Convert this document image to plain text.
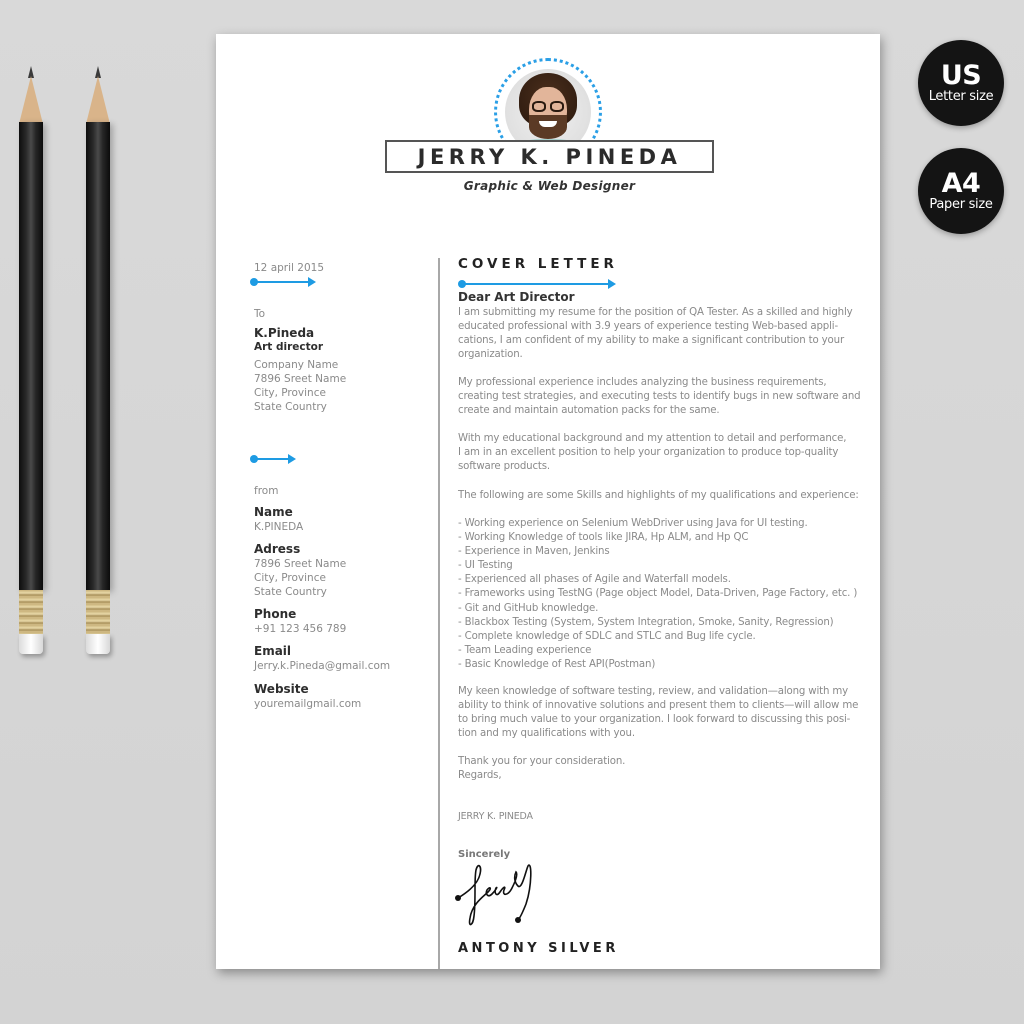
US
Letter size
A4
Paper size
JERRY K. PINEDA
Graphic & Web Designer
12 april 2015
To
K.Pineda
Art director
Company Name
7896 Sreet Name
City, Province
State Country
from
Name
K.PINEDA
Adress
7896 Sreet Name
City, Province
State Country
Phone
+91 123 456 789
Email
Jerry.k.Pineda@gmail.com
Website
youremailgmail.com
COVER LETTER
Dear Art Director

I am submitting my resume for the position of QA Tester. As a skilled and highly

educated professional with 3.9 years of experience testing Web-based appli-

cations, I am confident of my ability to make a significant contribution to your

organization.

My professional experience includes analyzing the business requirements,

creating test strategies, and executing tests to identify bugs in new software and

create and maintain automation packs for the same.

With my educational background and my attention to detail and performance,

I am in an excellent position to help your organization to produce top-quality

software products.

The following are some Skills and highlights of my qualifications and experience:

- Working experience on Selenium WebDriver using Java for UI testing.

- Working Knowledge of tools like JIRA, Hp ALM, and Hp QC

- Experience in Maven, Jenkins

- UI Testing

- Experienced all phases of Agile and Waterfall models.

- Frameworks using TestNG (Page object Model, Data-Driven, Page Factory, etc. )

- Git and GitHub knowledge.

- Blackbox Testing (System, System Integration, Smoke, Sanity, Regression)

- Complete knowledge of SDLC and STLC and Bug life cycle.

- Team Leading experience

- Basic Knowledge of Rest API(Postman)

My keen knowledge of software testing, review, and validation—along with my

ability to think of innovative solutions and present them to clients—will allow me

to bring much value to your organization. I look forward to discussing this posi-

tion and my qualifications with you.

Thank you for your consideration.

Regards,

JERRY K. PINEDA
Sincerely
ANTONY SILVER
